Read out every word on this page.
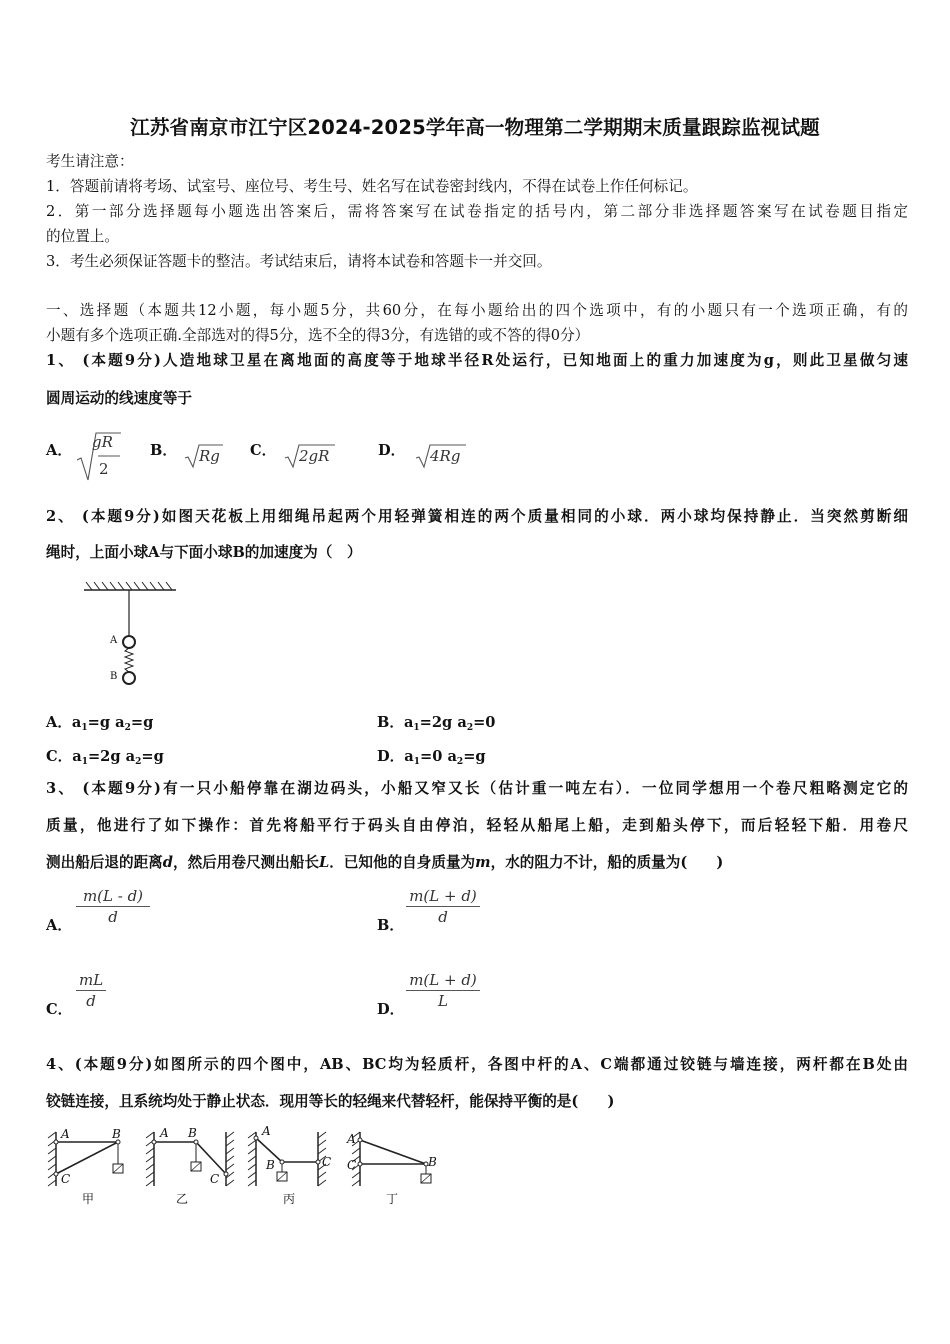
江苏省南京市江宁区2024-2025学年高一物理第二学期期末质量跟踪监视试题
考生请注意：
1．答题前请将考场、试室号、座位号、考生号、姓名写在试卷密封线内，不得在试卷上作任何标记。
2．第一部分选择题每小题选出答案后，需将答案写在试卷指定的括号内，第二部分非选择题答案写在试卷题目指定
的位置上。
3．考生必须保证答题卡的整洁。考试结束后，请将本试卷和答题卡一并交回。
一、选择题（本题共12小题，每小题5分，共60分，在每小题给出的四个选项中，有的小题只有一个选项正确，有的
小题有多个选项正确.全部选对的得5分，选不全的得3分，有选错的或不答的得0分）
1、 (本题9分)人造地球卫星在离地面的高度等于地球半径R处运行，已知地面上的重力加速度为g，则此卫星做匀速
圆周运动的线速度等于
A． gR
2
B． Rg C． 2gR	D． 4Rg
2、 (本题9分)如图天花板上用细绳吊起两个用轻弹簧相连的两个质量相同的小球．两小球均保持静止．当突然剪断细
绳时，上面小球A与下面小球B的加速度为（　）
A
B
A．$a_1=g$ $a_2=g$	B．$a_1=2g$ $a_2=0$
C．$a_1=2g$ $a_2=g$	D．$a_1=0$ $a_2=g$
3、 (本题9分)有一只小船停靠在湖边码头，小船又窄又长（估计重一吨左右）．一位同学想用一个卷尺粗略测定它的
质量，他进行了如下操作：首先将船平行于码头自由停泊，轻轻从船尾上船，走到船头停下，而后轻轻下船．用卷尺
测出船后退的距离d，然后用卷尺测出船长L．已知他的自身质量为m，水的阻力不计，船的质量为(　　)
A． $\frac{m(L - d)}{d}$	B． $\frac{m(L + d)}{d}$
C． $\frac{mL}{d}$	D． $\frac{m(L + d)}{L}$
4、(本题9分)如图所示的四个图中，AB、BC均为轻质杆，各图中杆的A、C端都通过铰链与墙连接，两杆都在B处由
铰链连接，且系统均处于静止状态．现用等长的轻绳来代替轻杆，能保持平衡的是(　　)
A	B
C
甲
A B
C
乙
A
B	C
丙
A
C	B
丁
